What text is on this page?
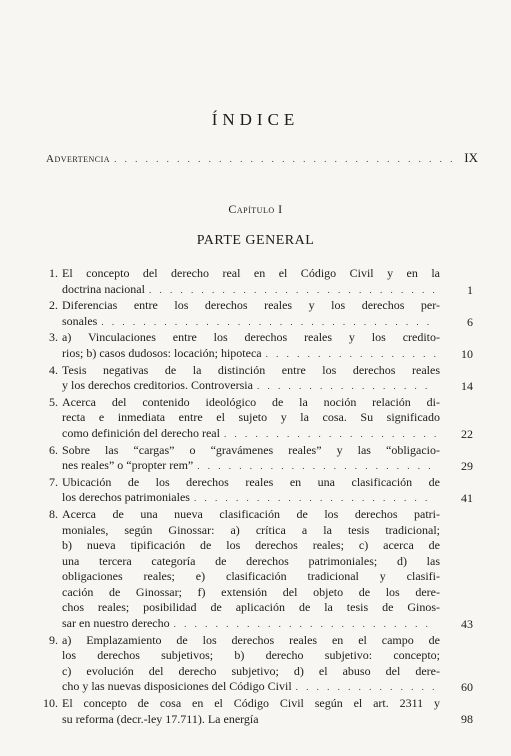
ÍNDICE
Advertencia . . .	IX
Capítulo I
PARTE GENERAL
1. El concepto del derecho real en el Código Civil y en la
doctrina nacional . . .	1
2. Diferencias entre los derechos reales y los derechos per-
sonales . . .	6
3. a) Vinculaciones entre los derechos reales y los credito-
rios; b) casos dudosos: locación; hipoteca . . .	10
4. Tesis negativas de la distinción entre los derechos reales
y los derechos creditorios. Controversia . . .	14
5. Acerca del contenido ideológico de la noción relación di-
recta e inmediata entre el sujeto y la cosa. Su significado
como definición del derecho real . . .	22
6. Sobre las “cargas” o “gravámenes reales” y las “obligacio-
nes reales” o “propter rem” . . .	29
7. Ubicación de los derechos reales en una clasificación de
los derechos patrimoniales . . .	41
8. Acerca de una nueva clasificación de los derechos patri-
moniales, según Ginossar: a) crítica a la tesis tradicional;
b) nueva tipificación de los derechos reales; c) acerca de
una tercera categoría de derechos patrimoniales; d) las
obligaciones reales; e) clasificación tradicional y clasifi-
cación de Ginossar; f) extensión del objeto de los dere-
chos reales; posibilidad de aplicación de la tesis de Ginos-
sar en nuestro derecho . . .	43
9. a) Emplazamiento de los derechos reales en el campo de
los derechos subjetivos; b) derecho subjetivo: concepto;
c) evolución del derecho subjetivo; d) el abuso del dere-
cho y las nuevas disposiciones del Código Civil . . .	60
10. El concepto de cosa en el Código Civil según el art. 2311 y
su reforma (decr.-ley 17.711). La energía	98
